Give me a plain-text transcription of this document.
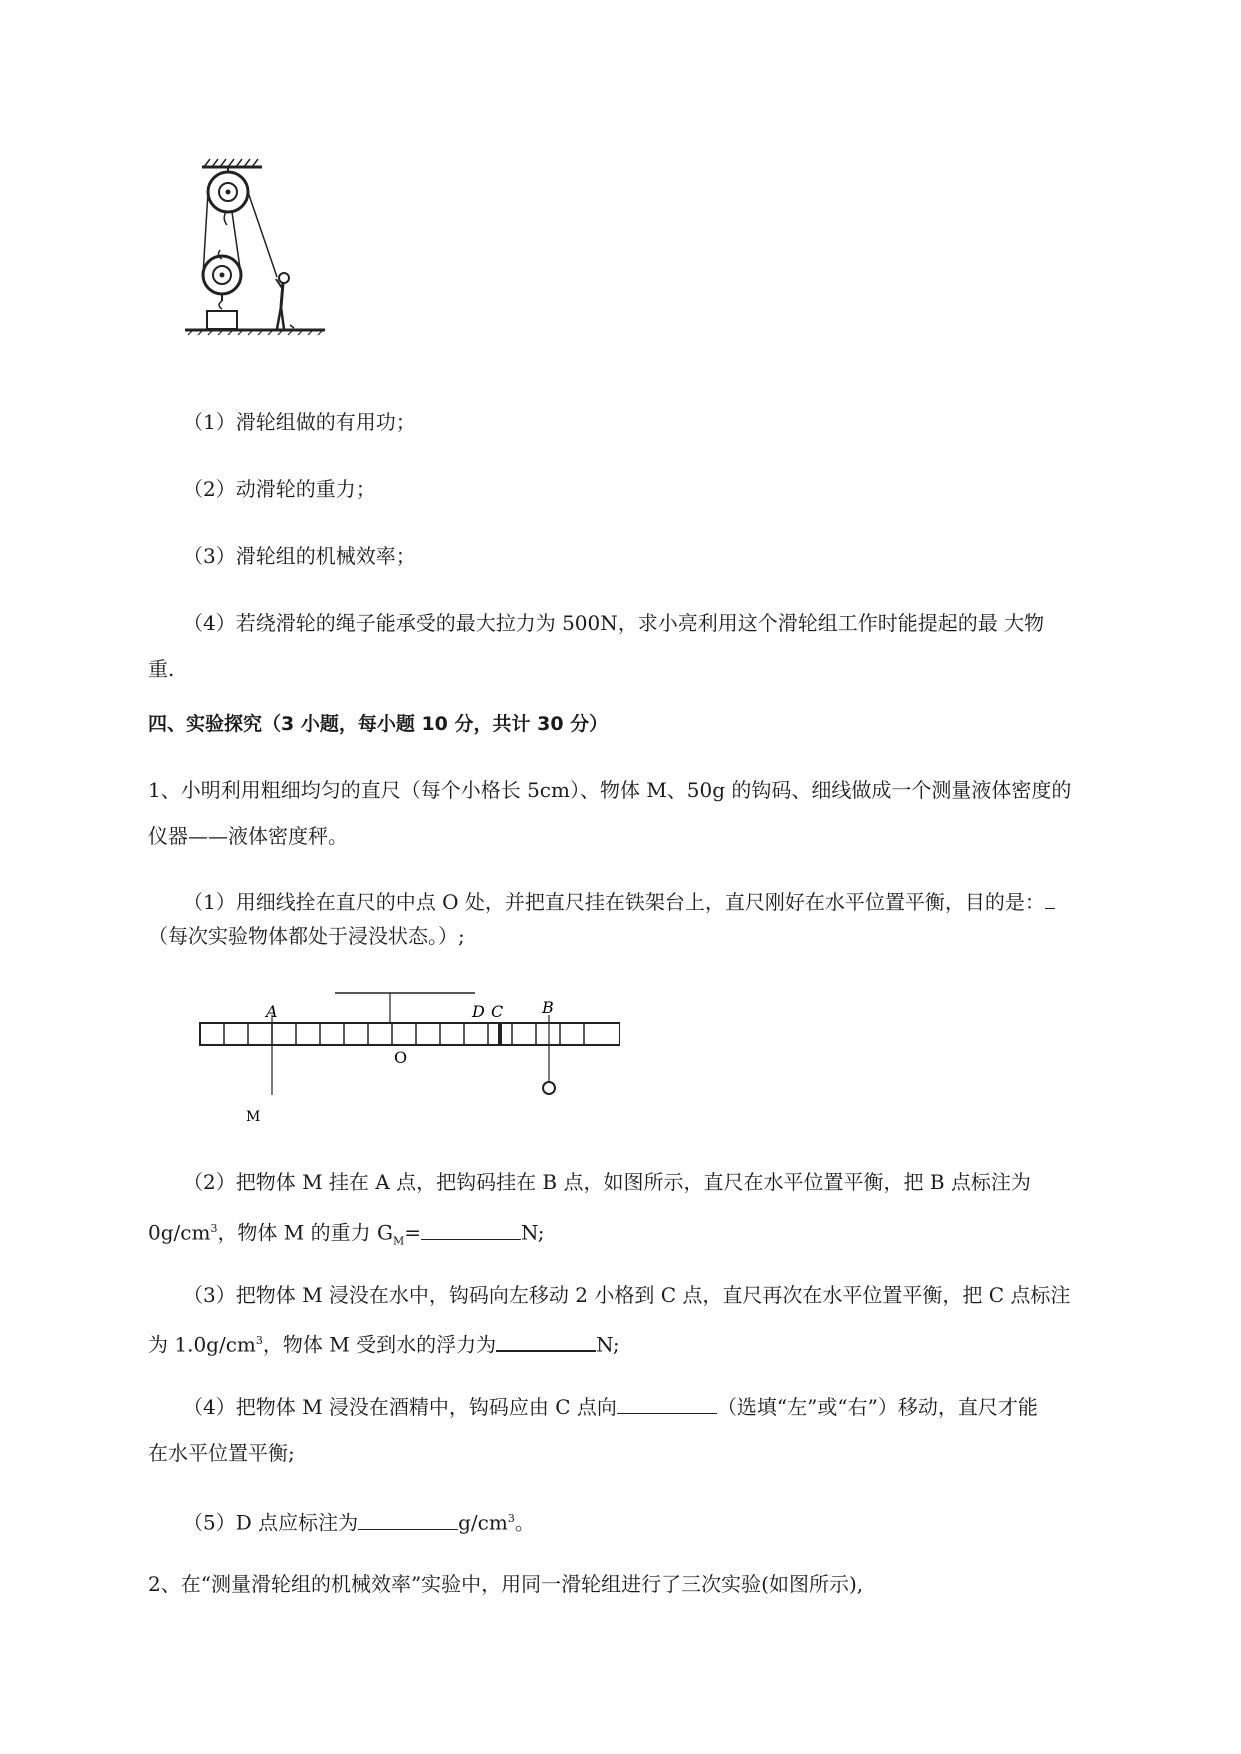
（1）滑轮组做的有用功；
（2）动滑轮的重力；
（3）滑轮组的机械效率；
（4）若绕滑轮的绳子能承受的最大拉力为 500N，求小亮利用这个滑轮组工作时能提起的最 大物
重.
四、实验探究（3 小题，每小题 10 分，共计 30 分）
1、小明利用粗细均匀的直尺（每个小格长 5cm）、物体 M、50g 的钩码、细线做成一个测量液体密度的
仪器——液体密度秤。
（1）用细线拴在直尺的中点 O 处，并把直尺挂在铁架台上，直尺刚好在水平位置平衡，目的是：
（每次实验物体都处于浸没状态。）;
A	D C B
O
M
（2）把物体 M 挂在 A 点，把钩码挂在 B 点，如图所示，直尺在水平位置平衡，把 B 点标注为
$0g/cm^3$，物体 M 的重力 $G_M=$	N;
（3）把物体 M 浸没在水中，钩码向左移动 2 小格到 C 点，直尺再次在水平位置平衡，把 C 点标注
为 $1.0g/cm^3$，物体 M 受到水的浮力为	N;
（4）把物体 M 浸没在酒精中，钩码应由 C 点向	（选填“左”或“右”）移动，直尺才能
在水平位置平衡;
（5）D 点应标注为	$g/cm^3$。
2、在“测量滑轮组的机械效率”实验中，用同一滑轮组进行了三次实验(如图所示),
